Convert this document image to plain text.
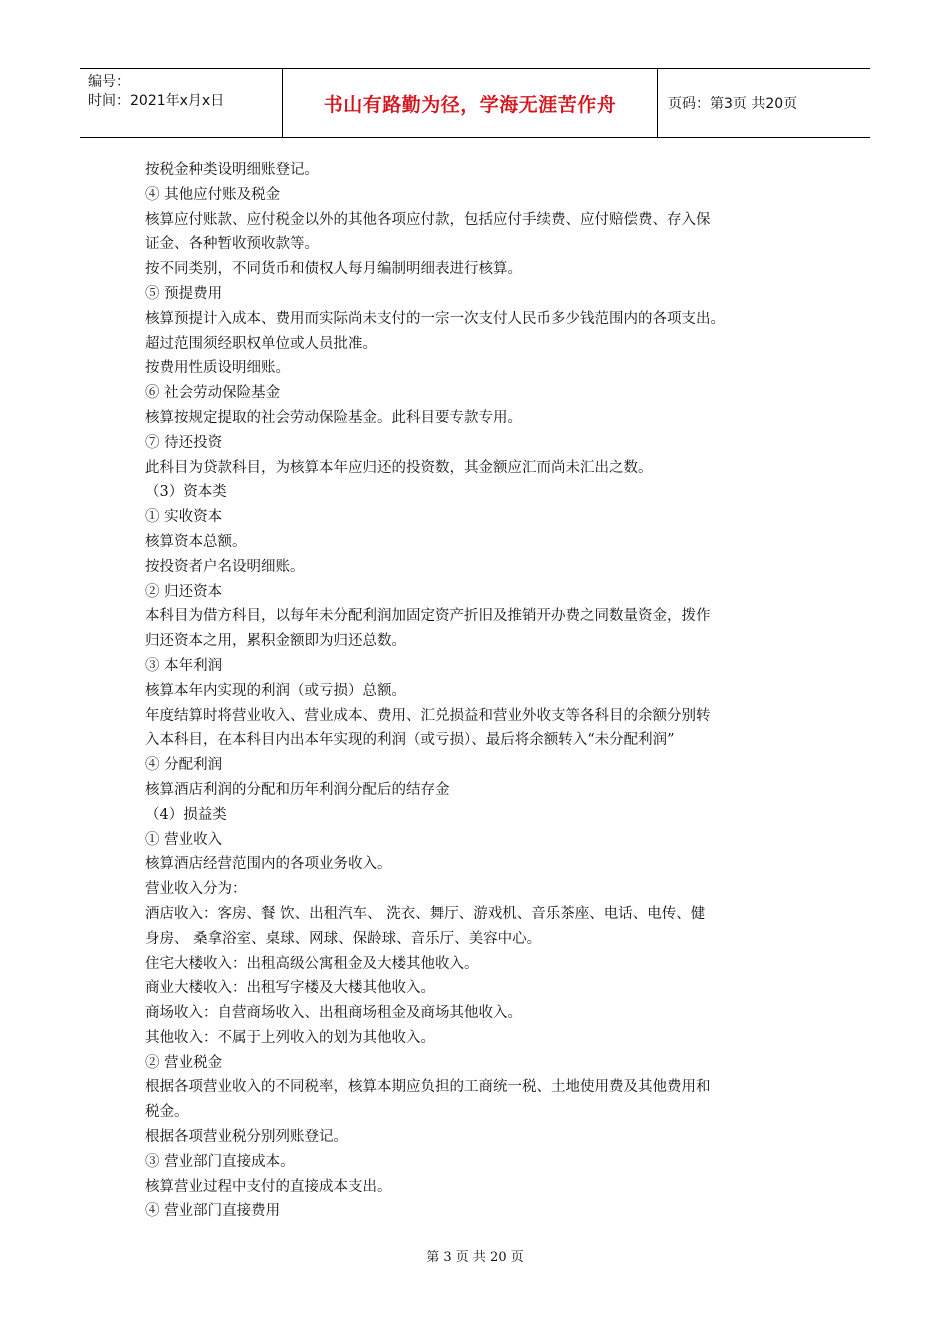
编号：
时间：2021年x月x日	书山有路勤为径，学海无涯苦作舟	页码：第3页 共20页

按税金种类设明细账登记。

④ 其他应付账及税金

核算应付账款、应付税金以外的其他各项应付款，包括应付手续费、应付赔偿费、存入保

证金、各种暂收预收款等。

按不同类别，不同货币和债权人每月编制明细表进行核算。

⑤ 预提费用

核算预提计入成本、费用而实际尚未支付的一宗一次支付人民币多少钱范围内的各项支出。

超过范围须经职权单位或人员批准。

按费用性质设明细账。

⑥ 社会劳动保险基金

核算按规定提取的社会劳动保险基金。此科目要专款专用。

⑦ 待还投资

此科目为贷款科目，为核算本年应归还的投资数，其金额应汇而尚未汇出之数。

（3）资本类

① 实收资本

核算资本总额。

按投资者户名设明细账。

② 归还资本

本科目为借方科目，以每年未分配利润加固定资产折旧及推销开办费之同数量资金，拨作

归还资本之用，累积金额即为归还总数。

③ 本年利润

核算本年内实现的利润（或亏损）总额。

年度结算时将营业收入、营业成本、费用、汇兑损益和营业外收支等各科目的余额分别转

入本科目，在本科目内出本年实现的利润（或亏损）、最后将余额转入“未分配利润”

④ 分配利润

核算酒店利润的分配和历年利润分配后的结存金

（4）损益类

① 营业收入

核算酒店经营范围内的各项业务收入。

营业收入分为：

酒店收入：客房、餐 饮、出租汽车、 洗衣、舞厅、游戏机、音乐茶座、电话、电传、健

身房、 桑拿浴室、桌球、网球、保龄球、音乐厅、美容中心。

住宅大楼收入：出租高级公寓租金及大楼其他收入。

商业大楼收入：出租写字楼及大楼其他收入。

商场收入：自营商场收入、出租商场租金及商场其他收入。

其他收入：不属于上列收入的划为其他收入。

② 营业税金

根据各项营业收入的不同税率，核算本期应负担的工商统一税、土地使用费及其他费用和

税金。

根据各项营业税分别列账登记。

③ 营业部门直接成本。

核算营业过程中支付的直接成本支出。

④ 营业部门直接费用

第 3 页 共 20 页
